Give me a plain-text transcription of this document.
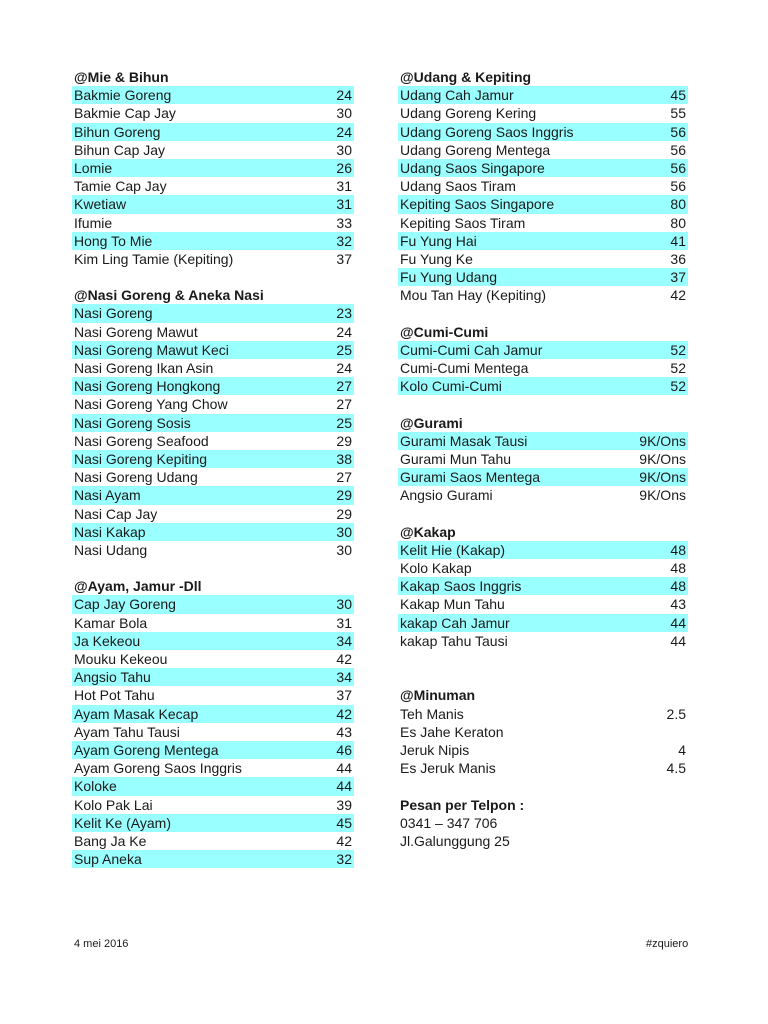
@Mie & Bihun
Bakmie Goreng	24
Bakmie Cap Jay	30
Bihun Goreng	24
Bihun Cap Jay	30
Lomie	26
Tamie Cap Jay	31
Kwetiaw	31
Ifumie	33
Hong To Mie	32
Kim Ling Tamie (Kepiting)	37
@Nasi Goreng & Aneka Nasi
Nasi Goreng	23
Nasi Goreng Mawut	24
Nasi Goreng Mawut Keci	25
Nasi Goreng Ikan Asin	24
Nasi Goreng Hongkong	27
Nasi Goreng Yang Chow	27
Nasi Goreng Sosis	25
Nasi Goreng Seafood	29
Nasi Goreng Kepiting	38
Nasi Goreng Udang	27
Nasi Ayam	29
Nasi Cap Jay	29
Nasi Kakap	30
Nasi Udang	30
@Ayam, Jamur -Dll
Cap Jay Goreng	30
Kamar Bola	31
Ja Kekeou	34
Mouku Kekeou	42
Angsio Tahu	34
Hot Pot Tahu	37
Ayam Masak Kecap	42
Ayam Tahu Tausi	43
Ayam Goreng Mentega	46
Ayam Goreng Saos Inggris	44
Koloke	44
Kolo Pak Lai	39
Kelit Ke (Ayam)	45
Bang Ja Ke	42
Sup Aneka	32
@Udang & Kepiting
Udang Cah Jamur	45
Udang Goreng Kering	55
Udang Goreng Saos Inggris	56
Udang Goreng Mentega	56
Udang Saos Singapore	56
Udang Saos Tiram	56
Kepiting Saos Singapore	80
Kepiting Saos Tiram	80
Fu Yung Hai	41
Fu Yung Ke	36
Fu Yung Udang	37
Mou Tan Hay (Kepiting)	42
@Cumi-Cumi
Cumi-Cumi Cah Jamur	52
Cumi-Cumi Mentega	52
Kolo Cumi-Cumi	52
@Gurami
Gurami Masak Tausi	9K/Ons
Gurami Mun Tahu	9K/Ons
Gurami Saos Mentega	9K/Ons
Angsio Gurami	9K/Ons
@Kakap
Kelit Hie (Kakap)	48
Kolo Kakap	48
Kakap Saos Inggris	48
Kakap Mun Tahu	43
kakap Cah Jamur	44
kakap Tahu Tausi	44
@Minuman
Teh Manis	2.5
Es Jahe Keraton
Jeruk Nipis	4
Es Jeruk Manis	4.5
Pesan per Telpon :
0341 – 347 706
Jl.Galunggung 25
4 mei 2016	#zquiero
